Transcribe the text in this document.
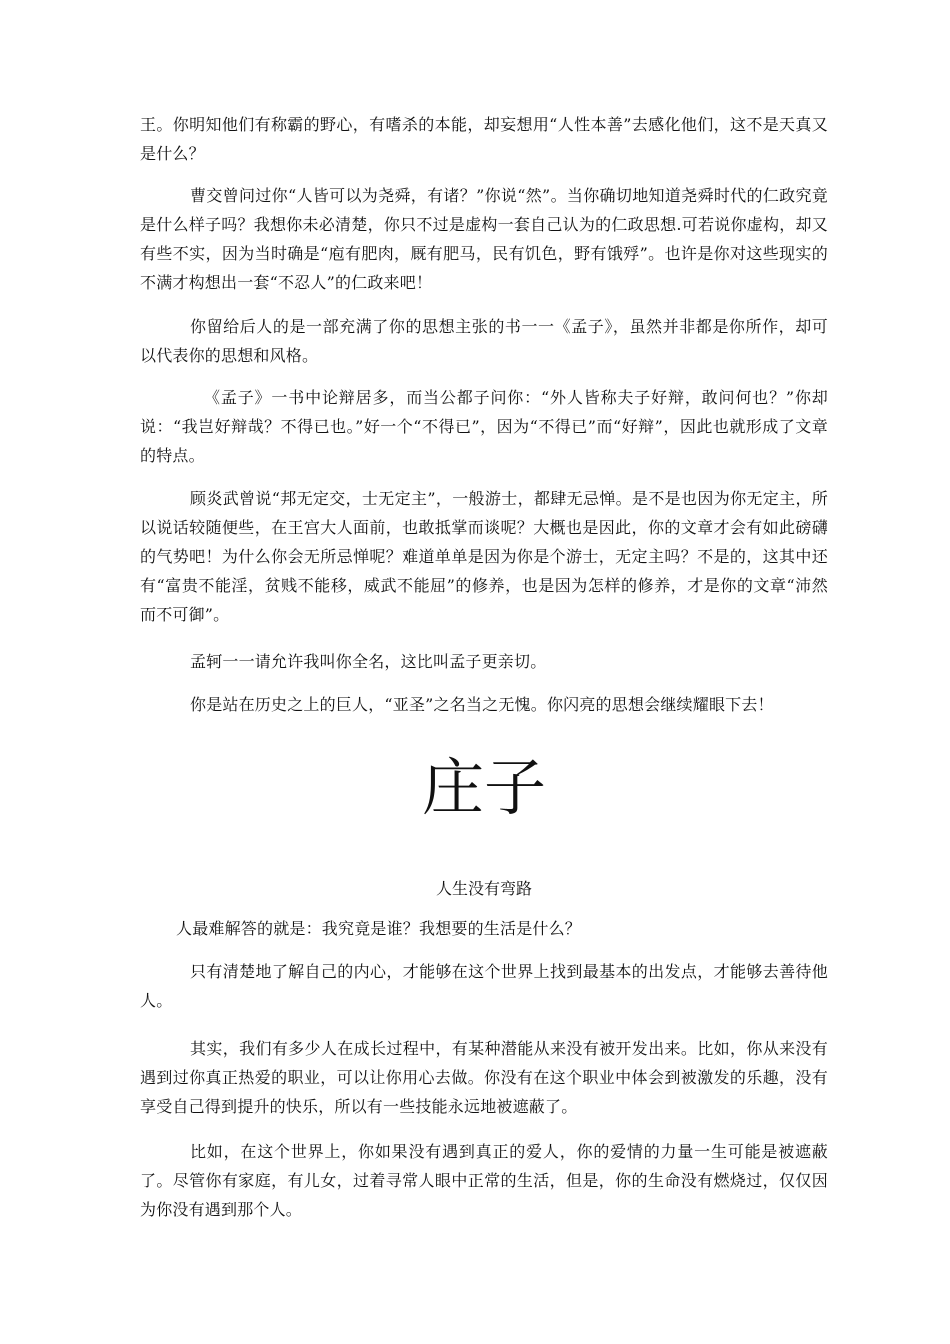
王。你明知他们有称霸的野心，有嗜杀的本能，却妄想用“人性本善”去感化他们，这不是天真又是什么？

曹交曾问过你“人皆可以为尧舜，有诸？”你说“然”。当你确切地知道尧舜时代的仁政究竟是什么样子吗？我想你未必清楚，你只不过是虚构一套自己认为的仁政思想.可若说你虚构，却又有些不实，因为当时确是“庖有肥肉，厩有肥马，民有饥色，野有饿殍”。也许是你对这些现实的不满才构想出一套“不忍人”的仁政来吧！

你留给后人的是一部充满了你的思想主张的书一一《孟子》，虽然并非都是你所作，却可以代表你的思想和风格。

《孟子》一书中论辩居多，而当公都子问你：“外人皆称夫子好辩，敢问何也？”你却说：“我岂好辩哉？不得已也。”好一个“不得已”，因为“不得已”而“好辩”，因此也就形成了文章的特点。

顾炎武曾说“邦无定交，士无定主”，一般游士，都肆无忌惮。是不是也因为你无定主，所以说话较随便些，在王宫大人面前，也敢抵掌而谈呢？大概也是因此，你的文章才会有如此磅礴的气势吧！为什么你会无所忌惮呢？难道单单是因为你是个游士，无定主吗？不是的，这其中还有“富贵不能淫，贫贱不能移，威武不能屈”的修养，也是因为怎样的修养，才是你的文章“沛然而不可御”。

孟轲一一请允许我叫你全名，这比叫孟子更亲切。

你是站在历史之上的巨人，“亚圣”之名当之无愧。你闪亮的思想会继续耀眼下去！

庄子
人生没有弯路

人最难解答的就是：我究竟是谁？我想要的生活是什么？

只有清楚地了解自己的内心，才能够在这个世界上找到最基本的出发点，才能够去善待他人。

其实，我们有多少人在成长过程中，有某种潜能从来没有被开发出来。比如，你从来没有遇到过你真正热爱的职业，可以让你用心去做。你没有在这个职业中体会到被激发的乐趣，没有享受自己得到提升的快乐，所以有一些技能永远地被遮蔽了。

比如，在这个世界上，你如果没有遇到真正的爱人，你的爱情的力量一生可能是被遮蔽了。尽管你有家庭，有儿女，过着寻常人眼中正常的生活，但是，你的生命没有燃烧过，仅仅因为你没有遇到那个人。
